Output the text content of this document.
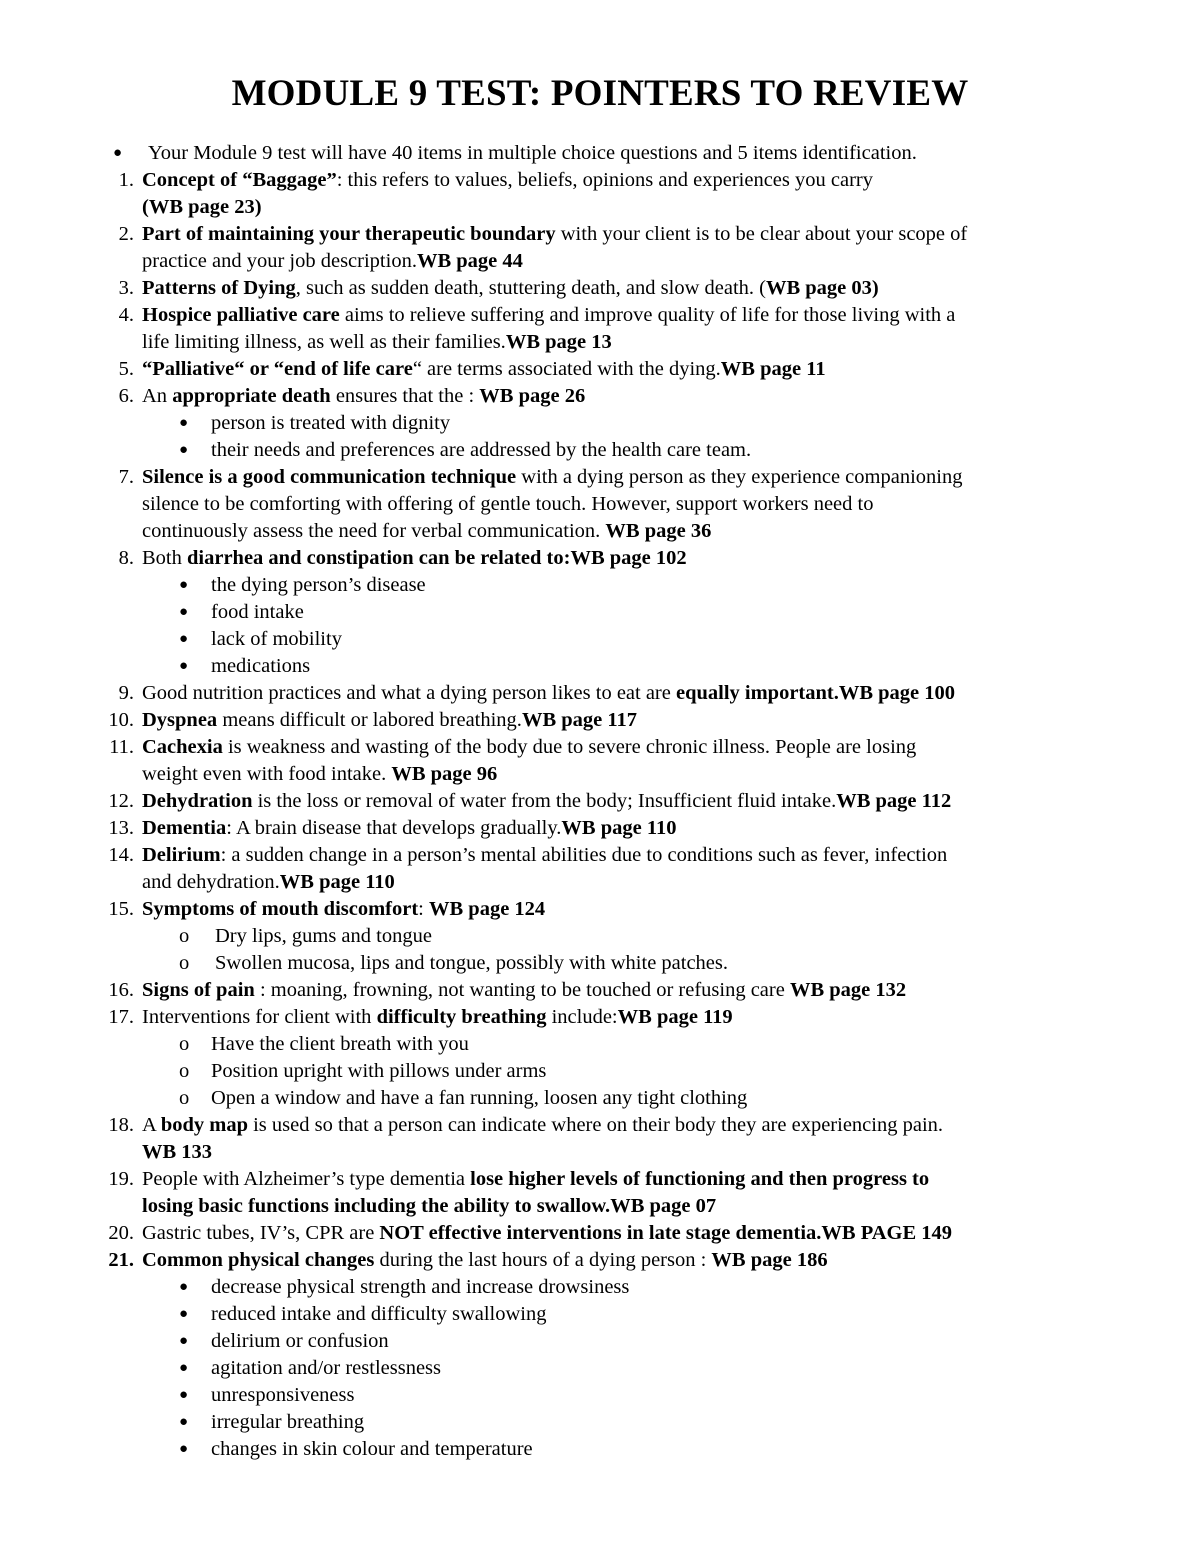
MODULE 9 TEST: POINTERS TO REVIEW
● Your Module 9 test will have 40 items in multiple choice questions and 5 items identification.
1. Concept of “Baggage”: this refers to values, beliefs, opinions and experiences you carry
(WB page 23)
2. Part of maintaining your therapeutic boundary with your client is to be clear about your scope of
practice and your job description.WB page 44
3. Patterns of Dying, such as sudden death, stuttering death, and slow death. (WB page 03)
4. Hospice palliative care aims to relieve suffering and improve quality of life for those living with a
life limiting illness, as well as their families.WB page 13
5. “Palliative“ or “end of life care“ are terms associated with the dying.WB page 11
6. An appropriate death ensures that the : WB page 26
● person is treated with dignity
● their needs and preferences are addressed by the health care team.
7. Silence is a good communication technique with a dying person as they experience companioning
silence to be comforting with offering of gentle touch. However, support workers need to
continuously assess the need for verbal communication. WB page 36
8. Both diarrhea and constipation can be related to:WB page 102
● the dying person’s disease
● food intake
● lack of mobility
● medications
9. Good nutrition practices and what a dying person likes to eat are equally important.WB page 100
10. Dyspnea means difficult or labored breathing.WB page 117
11. Cachexia is weakness and wasting of the body due to severe chronic illness. People are losing
weight even with food intake. WB page 96
12. Dehydration is the loss or removal of water from the body; Insufficient fluid intake.WB page 112
13. Dementia: A brain disease that develops gradually.WB page 110
14. Delirium: a sudden change in a person’s mental abilities due to conditions such as fever, infection
and dehydration.WB page 110
15. Symptoms of mouth discomfort: WB page 124
o Dry lips, gums and tongue
o Swollen mucosa, lips and tongue, possibly with white patches.
16. Signs of pain : moaning, frowning, not wanting to be touched or refusing care WB page 132
17. Interventions for client with difficulty breathing include:WB page 119
o Have the client breath with you
o Position upright with pillows under arms
o Open a window and have a fan running, loosen any tight clothing
18. A body map is used so that a person can indicate where on their body they are experiencing pain.
WB 133
19. People with Alzheimer’s type dementia lose higher levels of functioning and then progress to
losing basic functions including the ability to swallow.WB page 07
20. Gastric tubes, IV’s, CPR are NOT effective interventions in late stage dementia.WB PAGE 149
21. Common physical changes during the last hours of a dying person : WB page 186
● decrease physical strength and increase drowsiness
● reduced intake and difficulty swallowing
● delirium or confusion
● agitation and/or restlessness
● unresponsiveness
● irregular breathing
● changes in skin colour and temperature
